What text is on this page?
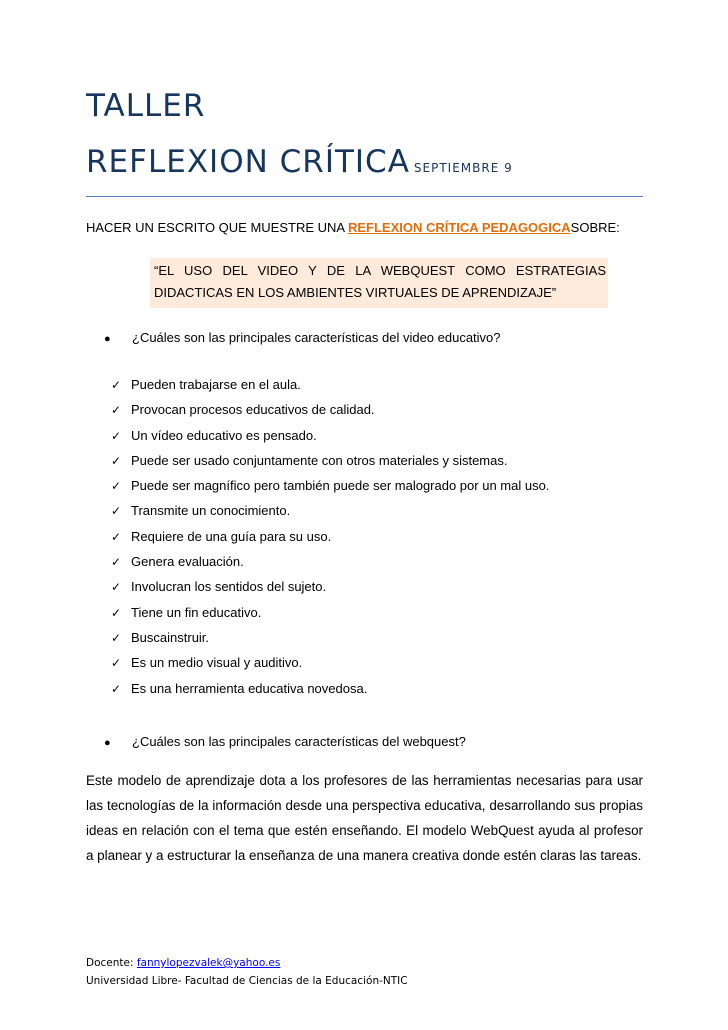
TALLER
REFLEXION CRÍTICA SEPTIEMBRE 9
HACER UN ESCRITO QUE MUESTRE UNA REFLEXION CRÍTICA PEDAGOGICASOBRE:
“EL USO DEL VIDEO Y DE LA WEBQUEST COMO ESTRATEGIAS
DIDACTICAS EN LOS AMBIENTES VIRTUALES DE APRENDIZAJE”
● ¿Cuáles son las principales características del video educativo?
✓ Pueden trabajarse en el aula.
✓ Provocan procesos educativos de calidad.
✓ Un vídeo educativo es pensado.
✓ Puede ser usado conjuntamente con otros materiales y sistemas.
✓ Puede ser magnífico pero también puede ser malogrado por un mal uso.
✓ Transmite un conocimiento.
✓ Requiere de una guía para su uso.
✓ Genera evaluación.
✓ Involucran los sentidos del sujeto.
✓ Tiene un fin educativo.
✓ Buscainstruir.
✓ Es un medio visual y auditivo.
✓ Es una herramienta educativa novedosa.
● ¿Cuáles son las principales características del webquest?

Este modelo de aprendizaje dota a los profesores de las herramientas necesarias para usar las tecnologías de la información desde una perspectiva educativa, desarrollando sus propias ideas en relación con el tema que estén enseñando. El modelo WebQuest ayuda al profesor a planear y a estructurar la enseñanza de una manera creativa donde estén claras las tareas.

Docente: fannylopezvalek@yahoo.es
Universidad Libre- Facultad de Ciencias de la Educación-NTIC
